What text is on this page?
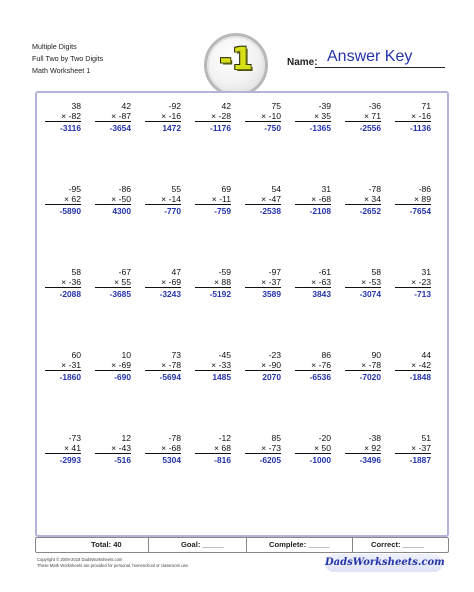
Multiple Digits
Full Two by Two Digits
Math Worksheet 1	-1	Name: Answer Key
38
× -82
-3116
42
× -87
-3654
-92
× -16
1472
42
× -28
-1176
75
× -10
-750
-39
× 35
-1365
-36
× 71
-2556
71
× -16
-1136
-95
× 62
-5890
-86
× -50
4300
55
× -14
-770
69
× -11
-759
54
× -47
-2538
31
× -68
-2108
-78
× 34
-2652
-86
× 89
-7654
58
× -36
-2088
-67
× 55
-3685
47
× -69
-3243
-59
× 88
-5192
-97
× -37
3589
-61
× -63
3843
58
× -53
-3074
31
× -23
-713
60
× -31
-1860
10
× -69
-690
73
× -78
-5694
-45
× -33
1485
-23
× -90
2070
86
× -76
-6536
90
× -78
-7020
44
× -42
-1848
-73
× 41
-2993
12
× -43
-516
-78
× -68
5304
-12
× 68
-816
85
× -73
-6205
-20
× 50
-1000
-38
× 92
-3496
51
× -37
-1887
Total: 40	Goal: _____	Complete: _____	Correct: _____
Copyright © 2008-2018 DadsWorksheets.com
These Math Worksheets are provided for personal, homeschool or classroom use.	DadsWorksheets.com
